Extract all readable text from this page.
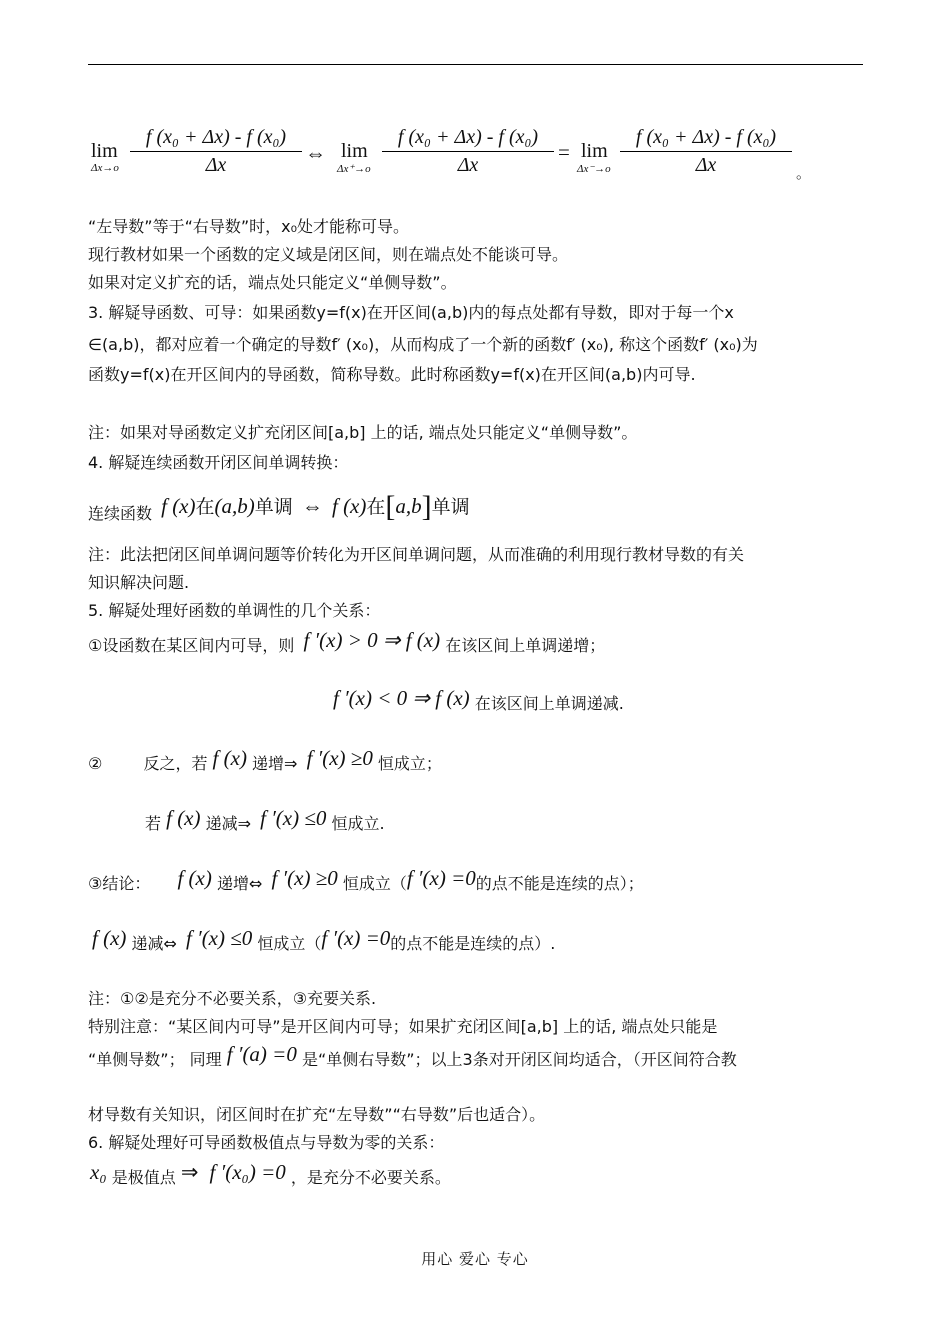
lim
Δx→o
f (x₀ + Δx) - f (x₀)
Δx	⇔ lim
Δx⁺→o
f (x₀ + Δx) - f (x₀)
Δx
= lim
Δx⁻→o
f (x₀ + Δx) - f (x₀)
Δx	。
“左导数”等于“右导数”时，x₀处才能称可导。
现行教材如果一个函数的定义域是闭区间，则在端点处不能谈可导。
如果对定义扩充的话，端点处只能定义“单侧导数”。
3. 解疑导函数、可导：如果函数y=f(x)在开区间(a,b)内的每点处都有导数，即对于每一个x
∈(a,b)，都对应着一个确定的导数f′ (x₀)，从而构成了一个新的函数f′ (x₀), 称这个函数f′ (x₀)为
函数y=f(x)在开区间内的导函数，简称导数。此时称函数y=f(x)在开区间(a,b)内可导.
注：如果对导函数定义扩充闭区间[a,b] 上的话, 端点处只能定义“单侧导数”。
4. 解疑连续函数开闭区间单调转换：
连续函数 f (x)在(a,b)单调 ⇔ f (x)在[a,b]单调
注：此法把闭区间单调问题等价转化为开区间单调问题，从而准确的利用现行教材导数的有关
知识解决问题.
5. 解疑处理好函数的单调性的几个关系：
①设函数在某区间内可导，则 f ′(x) > 0 ⇒ f (x) 在该区间上单调递增；
f ′(x) < 0 ⇒ f (x) 在该区间上单调递减.
②	反之，若 f (x) 递增⇒ f ′(x) ≥0 恒成立；
若 f (x) 递减⇒ f ′(x) ≤0 恒成立.
③结论： f (x) 递增⇔ f ′(x) ≥0 恒成立（f ′(x) =0的点不能是连续的点）；
f (x) 递减⇔ f ′(x) ≤0 恒成立（f ′(x) =0的点不能是连续的点）.
注：①②是充分不必要关系，③充要关系.
特别注意：“某区间内可导”是开区间内可导；如果扩充闭区间[a,b] 上的话, 端点处只能是
“单侧导数”； 同理 f ′(a) =0 是“单侧右导数”；以上3条对开闭区间均适合，（开区间符合教
材导数有关知识，闭区间时在扩充“左导数”“右导数”后也适合）。
6. 解疑处理好可导函数极值点与导数为零的关系：
x₀ 是极值点 ⇒ f ′(x₀) =0 ，是充分不必要关系。
用心 爱心 专心
